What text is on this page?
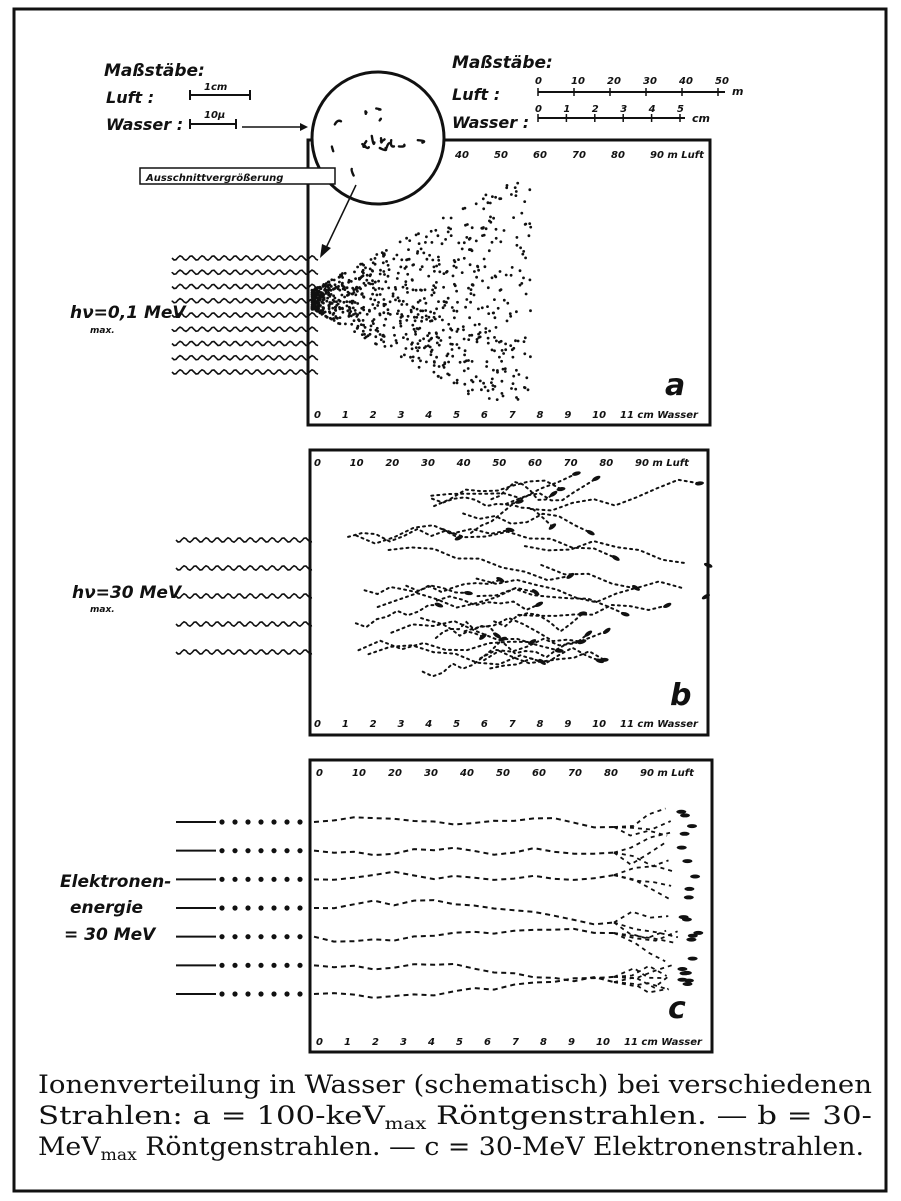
Maßstäbe:
Luft :
1cm
Wasser : 10µ
Maßstäbe:
Luft :
0	10 20 30 40 50
m
Wasser :
0 1 2 3 4 5
cm
40	50	60	70	80	90 m Luft
0 1 2 3 4 5 6 7 8 9 10 11 cm Wasser
a
hν=0,1 MeV
max.
Ausschnittvergrößerung
0	10 20 30 40 50 60 70 80 90 m Luft
0 1 2 3 4 5 6 7 8 9 10 11 cm Wasser
b
hν=30 MeV
max.
0	10 20 30 40 50 60 70 80 90 m Luft
0 1 2 3 4 5 6 7 8 9 10 11 cm Wasser
c
Elektronen-
energie
= 30 MeV
Ionenverteilung in Wasser (schematisch) bei verschiedenen
Strahlen: a = 100-keV	$_{max}$ Röntgenstrahlen. — b = 30-
MeV $_{max}$ Röntgenstrahlen. — c = 30-MeV Elektronenstrahlen.
